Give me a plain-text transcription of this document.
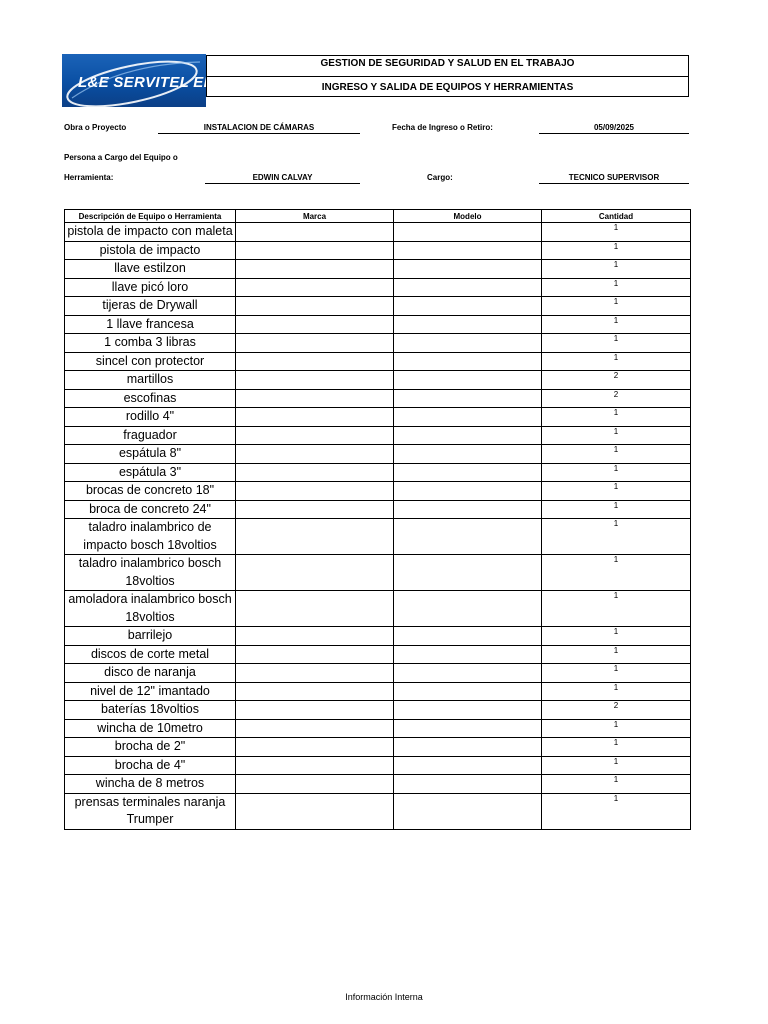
L&E SERVITEL EIRL
GESTION DE SEGURIDAD Y SALUD EN EL TRABAJO
INGRESO Y SALIDA DE EQUIPOS Y HERRAMIENTAS
Obra o Proyecto	INSTALACION DE CÁMARAS	Fecha de Ingreso o Retiro:	05/09/2025
Persona a Cargo del Equipo o
Herramienta:	EDWIN CALVAY	Cargo:	TECNICO SUPERVISOR
Descripción de Equipo o Herramienta	Marca	Modelo	Cantidad
pistola de impacto con maleta			1
pistola de impacto			1
llave estilzon			1
llave picó loro			1
tijeras de Drywall			1
1 llave francesa			1
1 comba 3 libras			1
sincel con protector			1
martillos			2
escofinas			2
rodillo 4"			1
fraguador			1
espátula 8"			1
espátula 3"			1
brocas de concreto 18"			1
broca de concreto 24"			1
taladro inalambrico de impacto bosch 18voltios			1
taladro inalambrico bosch 18voltios			1
amoladora inalambrico bosch 18voltios			1
barrilejo			1
discos de corte metal			1
disco de naranja			1
nivel de 12" imantado			1
baterías 18voltios			2
wincha de 10metro			1
brocha de 2"			1
brocha de 4"			1
wincha de 8 metros			1
prensas terminales naranja Trumper			1
Información Interna
